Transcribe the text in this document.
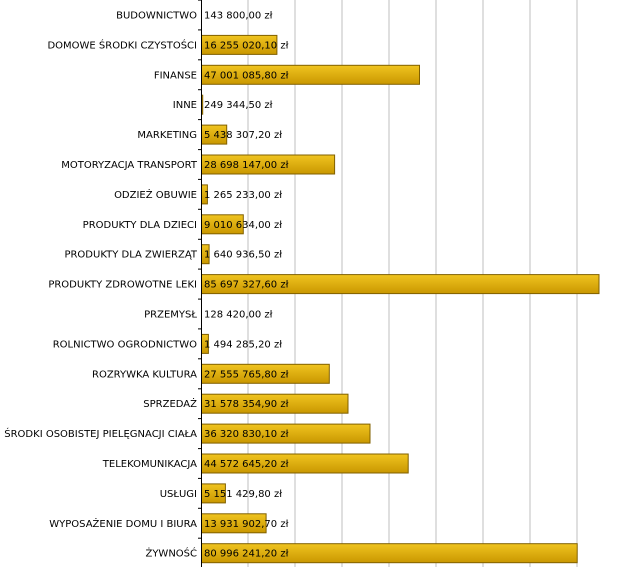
BUDOWNICTWO 143 800,00 zł
DOMOWE ŚRODKI CZYSTOŚCI 16 255 020,10 zł
FINANSE 47 001 085,80 zł
INNE 249 344,50 zł
MARKETING 5 438 307,20 zł
MOTORYZACJA TRANSPORT 28 698 147,00 zł
ODZIEŻ OBUWIE 1 265 233,00 zł
PRODUKTY DLA DZIECI 9 010 634,00 zł
PRODUKTY DLA ZWIERZĄT 1 640 936,50 zł
PRODUKTY ZDROWOTNE LEKI 85 697 327,60 zł
PRZEMYSŁ 128 420,00 zł
ROLNICTWO OGRODNICTWO 1 494 285,20 zł
ROZRYWKA KULTURA 27 555 765,80 zł
SPRZEDAŻ 31 578 354,90 zł
ŚRODKI OSOBISTEJ PIELĘGNACJI CIAŁA 36 320 830,10 zł
TELEKOMUNIKACJA 44 572 645,20 zł
USŁUGI 5 151 429,80 zł
WYPOSAŻENIE DOMU I BIURA 13 931 902,70 zł
ŻYWNOŚĆ 80 996 241,20 zł
